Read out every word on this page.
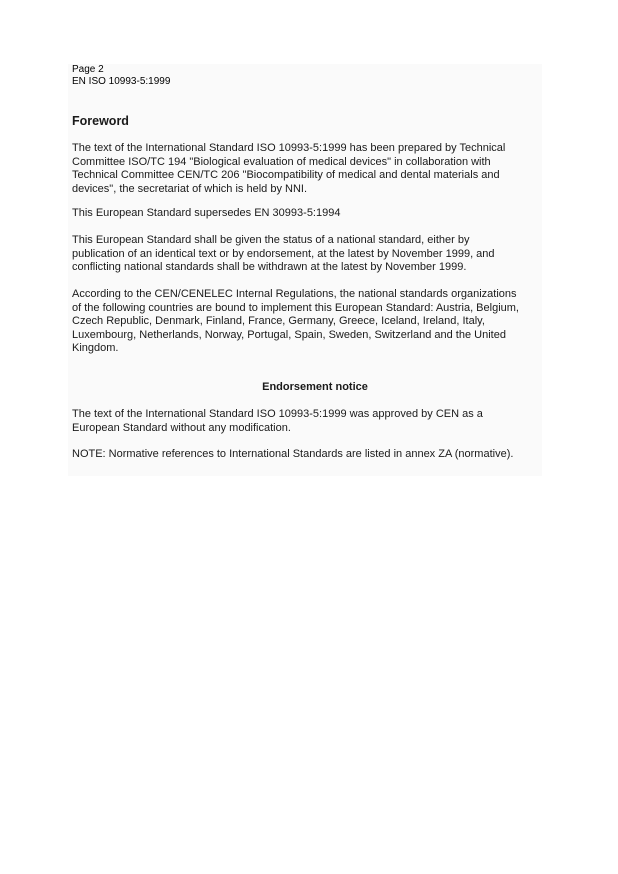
Page 2
EN ISO 10993-5:1999
Foreword
The text of the International Standard ISO 10993-5:1999 has been prepared by Technical
Committee ISO/TC 194 "Biological evaluation of medical devices" in collaboration with
Technical Committee CEN/TC 206 "Biocompatibility of medical and dental materials and
devices", the secretariat of which is held by NNI.
This European Standard supersedes EN 30993-5:1994
This European Standard shall be given the status of a national standard, either by
publication of an identical text or by endorsement, at the latest by November 1999, and
conflicting national standards shall be withdrawn at the latest by November 1999.
According to the CEN/CENELEC Internal Regulations, the national standards organizations
of the following countries are bound to implement this European Standard: Austria, Belgium,
Czech Republic, Denmark, Finland, France, Germany, Greece, Iceland, Ireland, Italy,
Luxembourg, Netherlands, Norway, Portugal, Spain, Sweden, Switzerland and the United
Kingdom.
Endorsement notice
The text of the International Standard ISO 10993-5:1999 was approved by CEN as a
European Standard without any modification.
NOTE: Normative references to International Standards are listed in annex ZA (normative).
